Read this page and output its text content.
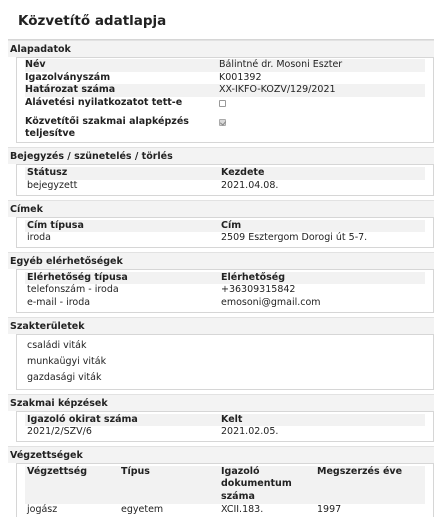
Közvetítő adatlapja
Alapadatok
Név	Bálintné dr. Mosoni Eszter
Igazolványszám	K001392
Határozat száma	XX-IKFO-KOZV/129/2021
Alávetési nyilatkozatot tett-e
Közvetítői szakmai alapképzés teljesítve
Bejegyzés / szünetelés / törlés
Státusz	Kezdete
bejegyzett	2021.04.08.
Címek
Cím típusa	Cím
iroda	2509 Esztergom Dorogi út 5-7.
Egyéb elérhetőségek
Elérhetőség típusa	Elérhetőség
telefonszám - iroda	+36309315842
e-mail - iroda	emosoni@gmail.com
Szakterületek
családi viták
munkaügyi viták
gazdasági viták
Szakmai képzések
Igazoló okirat száma	Kelt
2021/2/SZV/6	2021.02.05.
Végzettségek
Végzettség	Típus	Igazoló dokumentum száma	Megszerzés éve
jogász	egyetem	XCII.183.	1997
